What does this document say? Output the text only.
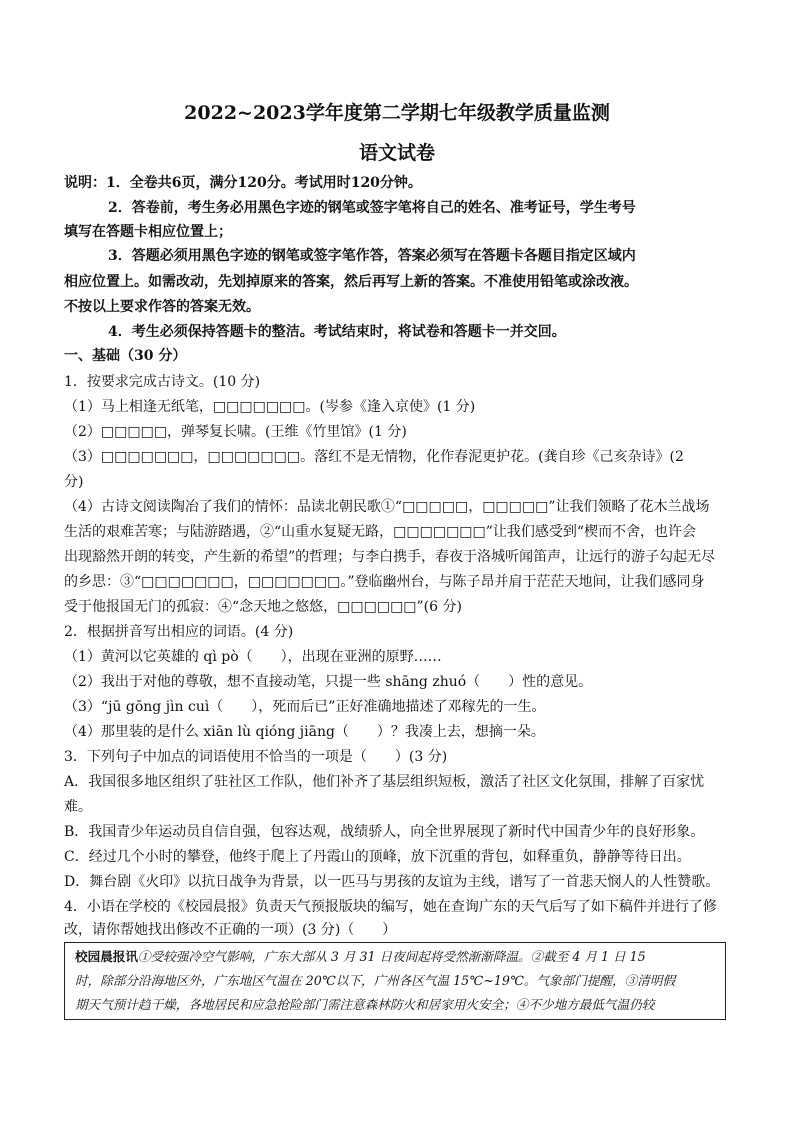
2022~2023学年度第二学期七年级教学质量监测
语文试卷
说明：1．全卷共6页，满分120分。考试用时120分钟。
2．答卷前，考生务必用黑色字迹的钢笔或签字笔将自己的姓名、准考证号，学生考号
填写在答题卡相应位置上；
3．答题必须用黑色字迹的钢笔或签字笔作答，答案必须写在答题卡各题目指定区域内
相应位置上。如需改动，先划掉原来的答案，然后再写上新的答案。不准使用铅笔或涂改液。
不按以上要求作答的答案无效。
4．考生必须保持答题卡的整洁。考试结束时，将试卷和答题卡一并交回。
一、基础（30 分）
1．按要求完成古诗文。(10 分)
（1）马上相逢无纸笔，□□□□□□□。(岑参《逢入京使》(1 分)
（2）□□□□□，弹琴复长啸。(王维《竹里馆》(1 分)
（3）□□□□□□□，□□□□□□□。落红不是无情物，化作春泥更护花。(龚自珍《己亥杂诗》(2
分)
（4）古诗文阅读陶冶了我们的情怀：品读北朝民歌①“□□□□□，□□□□□”让我们领略了花木兰战场
生活的艰难苦寒；与陆游踏遇，②“山重水复疑无路，□□□□□□□”让我们感受到“楔而不舍，也许会
出现豁然开朗的转变，产生新的希望”的哲理；与李白携手，春夜于洛城听闻笛声，让远行的游子勾起无尽
的乡思：③“□□□□□□□，□□□□□□□。”登临幽州台，与陈子昂并肩于茫茫天地间，让我们感同身
受于他报国无门的孤寂：④“念天地之悠悠，□□□□□□”(6 分)
2．根据拼音写出相应的词语。(4 分)
（1）黄河以它英雄的 qì pò（　　），出现在亚洲的原野……
（2）我出于对他的尊敬，想不直接动笔，只提一些 shāng zhuó（　　）性的意见。
（3）“jū gōng jìn cuì（　　），死而后已”正好准确地描述了邓稼先的一生。
（4）那里装的是什么 xiān lù qióng jiāng（　　）？我凑上去，想摘一朵。
3．下列句子中加点的词语使用不恰当的一项是（　　）(3 分)
A．我国很多地区组织了驻社区工作队，他们补齐了基层组织短板，激活了社区文化氛围，排解了百家忧
难。
B．我国青少年运动员自信自强，包容达观，战绩骄人，向全世界展现了新时代中国青少年的良好形象。
C．经过几个小时的攀登，他终于爬上了丹霞山的顶峰，放下沉重的背包，如释重负，静静等待日出。
D．舞台剧《火印》以抗日战争为背景，以一匹马与男孩的友谊为主线，谱写了一首悲天悯人的人性赞歌。
4．小语在学校的《校园晨报》负责天气预报版块的编写，她在查询广东的天气后写了如下稿件并进行了修
改，请你帮她找出修改不正确的一项）(3 分)（　　）
校园晨报讯①受较强冷空气影响，广东大部从 3 月 31 日夜间起将受然渐渐降温。②截至 4 月 1 日 15
时，除部分沿海地区外，广东地区气温在 20℃以下，广州各区气温 15℃~19℃。气象部门提醒，③清明假
期天气预计趋干燥，各地居民和应急抢险部门需注意森林防火和居家用火安全；④不少地方最低气温仍较
